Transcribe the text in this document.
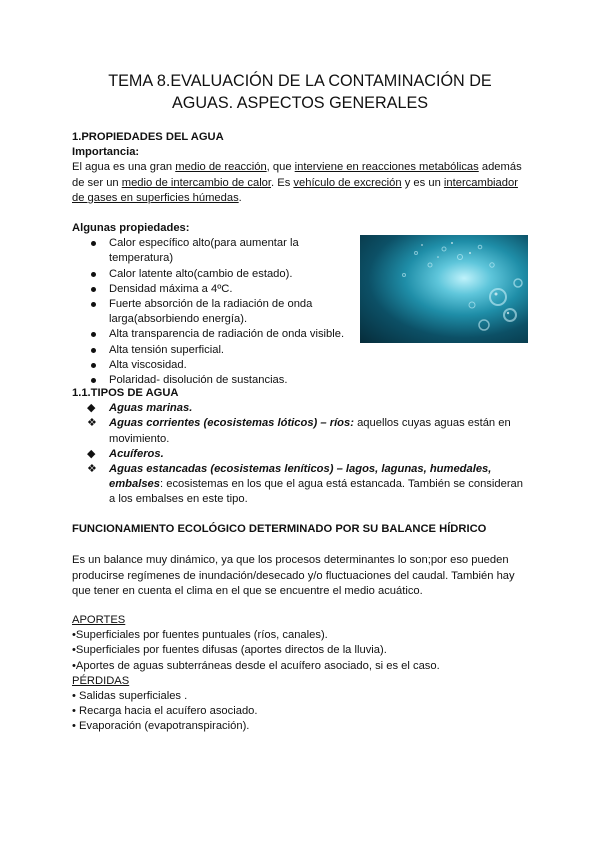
TEMA 8.EVALUACIÓN DE LA CONTAMINACIÓN DE
AGUAS. ASPECTOS GENERALES

1.PROPIEDADES DEL AGUA

Importancia:

El agua es una gran medio de reacción, que interviene en reacciones metabólicas además de ser un medio de intercambio de calor. Es vehículo de excreción y es un intercambiador de gases en superficies húmedas.

Algunas propiedades:

Calor específico alto(para aumentar la temperatura)
Calor latente alto(cambio de estado).
Densidad máxima a 4ºC.
Fuerte absorción de la radiación de onda larga(absorbiendo energía).
Alta transparencia de radiación de onda visible.
Alta tensión superficial.
Alta viscosidad.
Polaridad- disolución de sustancias.

1.1.TIPOS DE AGUA

◆ Aguas marinas.
❖ Aguas corrientes (ecosistemas lóticos) – ríos: aquellos cuyas aguas están en movimiento.
◆ Acuíferos.
❖ Aguas estancadas (ecosistemas leníticos) – lagos, lagunas, humedales, embalses: ecosistemas en los que el agua está estancada. También se consideran a los embalses en este tipo.

FUNCIONAMIENTO ECOLÓGICO DETERMINADO POR SU BALANCE HÍDRICO

Es un balance muy dinámico, ya que los procesos determinantes lo son;por eso pueden producirse regímenes de inundación/desecado y/o fluctuaciones del caudal. También hay que tener en cuenta el clima en el que se encuentre el medio acuático.

APORTES

•Superficiales por fuentes puntuales (ríos, canales).

•Superficiales por fuentes difusas (aportes directos de la lluvia).

•Aportes de aguas subterráneas desde el acuífero asociado, si es el caso.

PÉRDIDAS

• Salidas superficiales .

• Recarga hacia el acuífero asociado.

• Evaporación (evapotranspiración).
